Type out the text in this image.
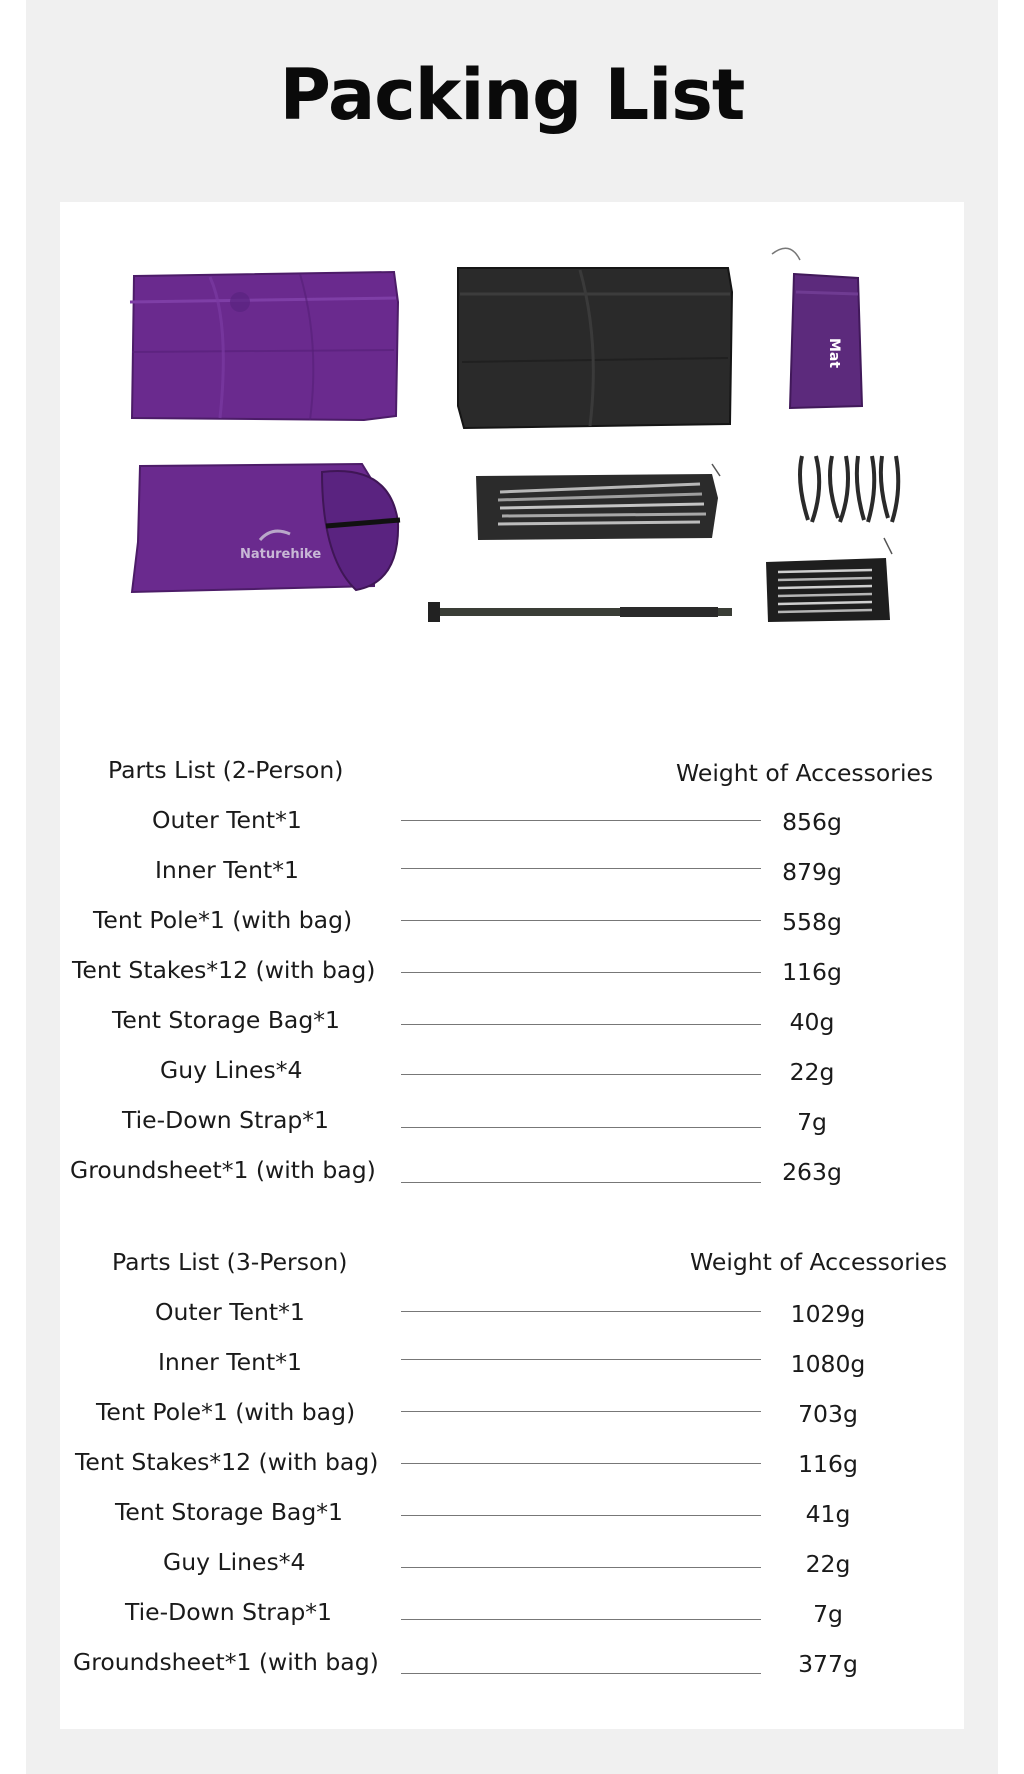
Packing List
Mat
Naturehike
Parts List (2-Person)	Weight of Accessories
Outer Tent*1	856g
Inner Tent*1	879g
Tent Pole*1 (with bag)	558g
Tent Stakes*12 (with bag)	116g
Tent Storage Bag*1	40g
Guy Lines*4	22g
Tie-Down Strap*1	7g
Groundsheet*1 (with bag)	263g
Parts List (3-Person)	Weight of Accessories
Outer Tent*1	1029g
Inner Tent*1	1080g
Tent Pole*1 (with bag)	703g
Tent Stakes*12 (with bag)	116g
Tent Storage Bag*1	41g
Guy Lines*4	22g
Tie-Down Strap*1	7g
Groundsheet*1 (with bag)	377g
